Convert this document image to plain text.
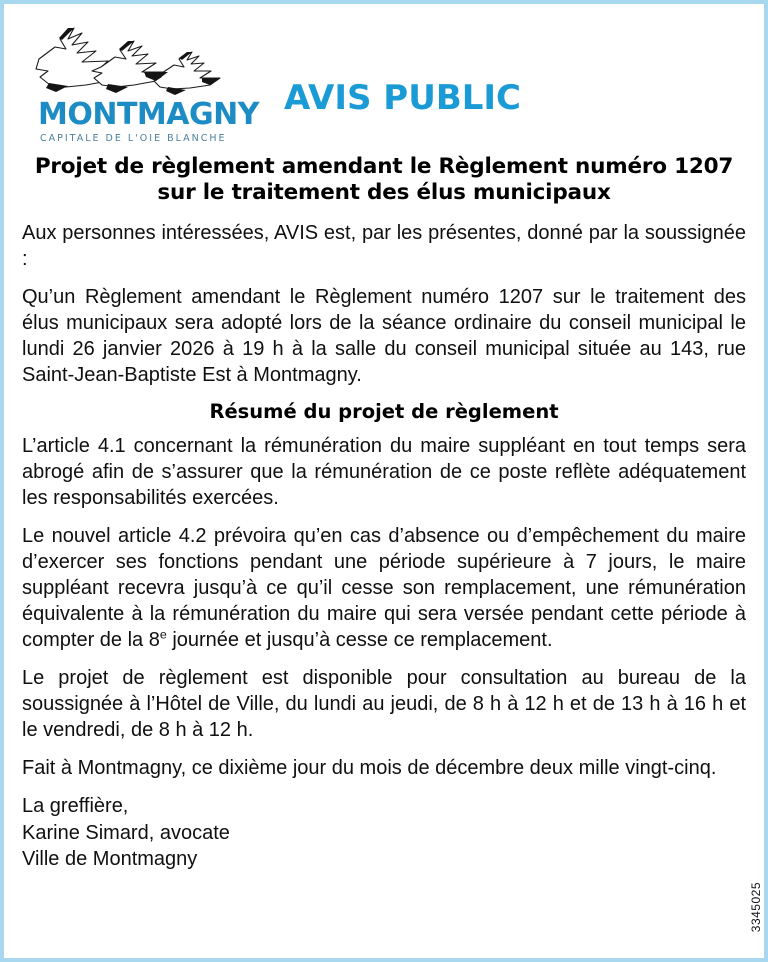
MONTMAGNY
CAPITALE DE L'OIE BLANCHE
AVIS PUBLIC
Projet de règlement amendant le Règlement numéro 1207 sur le traitement des élus municipaux

Aux personnes intéressées, AVIS est, par les présentes, donné par la soussignée :

Qu’un Règlement amendant le Règlement numéro 1207 sur le traitement des élus municipaux sera adopté lors de la séance ordinaire du conseil municipal le lundi 26 janvier 2026 à 19 h à la salle du conseil municipal située au 143, rue Saint-Jean-Baptiste Est à Montmagny.

Résumé du projet de règlement

L’article 4.1 concernant la rémunération du maire suppléant en tout temps sera abrogé afin de s’assurer que la rémunération de ce poste reflète adéquatement les responsabilités exercées.

Le nouvel article 4.2 prévoira qu’en cas d’absence ou d’empêchement du maire d’exercer ses fonctions pendant une période supérieure à 7 jours, le maire suppléant recevra jusqu’à ce qu’il cesse son remplacement, une rémunération équivalente à la rémunération du maire qui sera versée pendant cette période à compter de la 8e journée et jusqu’à cesse ce remplacement.

Le projet de règlement est disponible pour consultation au bureau de la soussignée à l’Hôtel de Ville, du lundi au jeudi, de 8 h à 12 h et de 13 h à 16 h et le vendredi, de 8 h à 12 h.

Fait à Montmagny, ce dixième jour du mois de décembre deux mille vingt-cinq.

La greffière,

Karine Simard, avocate

Ville de Montmagny

3345025
